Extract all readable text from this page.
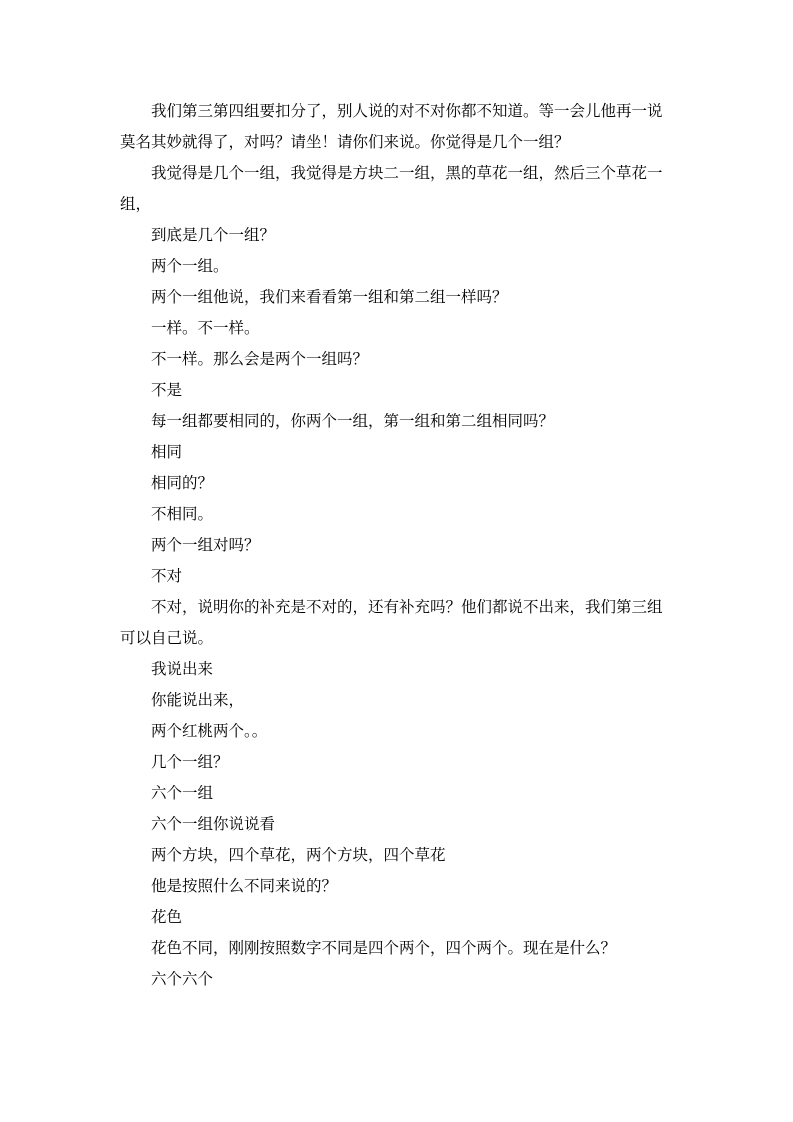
我们第三第四组要扣分了，别人说的对不对你都不知道。等一会儿他再一说莫名其妙就得了，对吗？请坐！请你们来说。你觉得是几个一组？

我觉得是几个一组，我觉得是方块二一组，黑的草花一组，然后三个草花一组，

到底是几个一组？

两个一组。

两个一组他说，我们来看看第一组和第二组一样吗？

一样。不一样。

不一样。那么会是两个一组吗？

不是

每一组都要相同的，你两个一组，第一组和第二组相同吗？

相同

相同的？

不相同。

两个一组对吗？

不对

不对，说明你的补充是不对的，还有补充吗？他们都说不出来，我们第三组可以自己说。

我说出来

你能说出来，

两个红桃两个。。

几个一组？

六个一组

六个一组你说说看

两个方块，四个草花，两个方块，四个草花

他是按照什么不同来说的？

花色

花色不同，刚刚按照数字不同是四个两个，四个两个。现在是什么？

六个六个
